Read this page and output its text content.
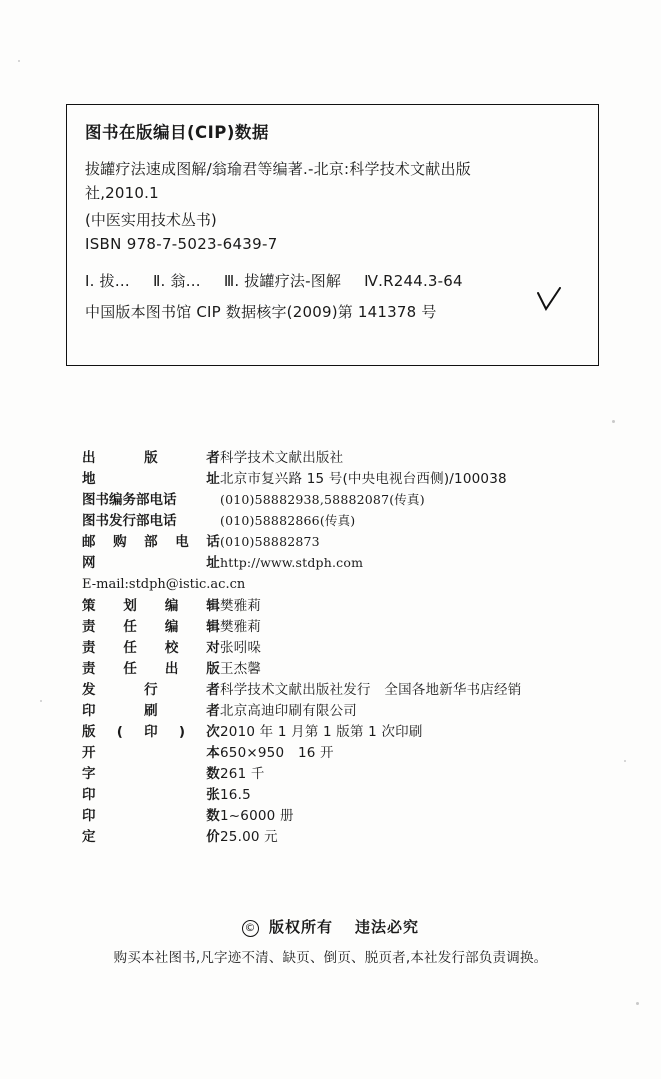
图书在版编目(CIP)数据
拔罐疗法速成图解/翁瑜君等编著.-北京:科学技术文献出版
社,2010.1
(中医实用技术丛书)
ISBN 978-7-5023-6439-7
Ⅰ. 拔… Ⅱ. 翁… Ⅲ. 拔罐疗法-图解 Ⅳ.R244.3-64
中国版本图书馆 CIP 数据核字(2009)第 141378 号
出	版	者 科学技术文献出版社
地	址 北京市复兴路 15 号(中央电视台西侧)/100038
图书编务部电话	(010)58882938,58882087(传真)
图书发行部电话	(010)58882866(传真)
邮 购 部 电 话 (010)58882873
网	址 http://www.stdph.com
E-mail:stdph@istic.ac.cn
策 划 编 辑 樊雅莉
责 任 编 辑 樊雅莉
责 任 校 对 张吲哚
责 任 出 版 王杰馨
发	行	者 科学技术文献出版社发行　全国各地新华书店经销
印	刷	者 北京高迪印刷有限公司
版 ( 印 ) 次 2010 年 1 月第 1 版第 1 次印刷
开	本 650×950　16 开
字	数 261 千
印	张 16.5
印	数 1~6000 册
定	价 25.00 元
© 版权所有 违法必究
购买本社图书,凡字迹不清、缺页、倒页、脱页者,本社发行部负责调换。
